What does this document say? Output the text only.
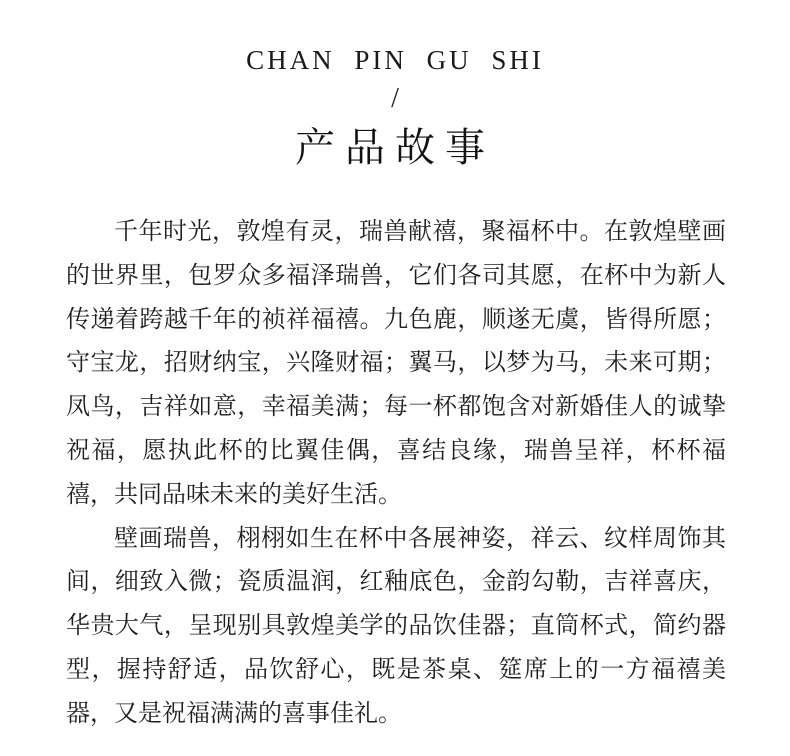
CHAN PIN GU SHI
/
产品故事

千年时光，敦煌有灵，瑞兽献禧，聚福杯中。在敦煌壁画的世界里，包罗众多福泽瑞兽，它们各司其愿，在杯中为新人传递着跨越千年的祯祥福禧。九色鹿，顺遂无虞，皆得所愿；守宝龙，招财纳宝，兴隆财福；翼马，以梦为马，未来可期；凤鸟，吉祥如意，幸福美满；每一杯都饱含对新婚佳人的诚挚祝福，愿执此杯的比翼佳偶，喜结良缘，瑞兽呈祥，杯杯福禧，共同品味未来的美好生活。

壁画瑞兽，栩栩如生在杯中各展神姿，祥云、纹样周饰其间，细致入微；瓷质温润，红釉底色，金韵勾勒，吉祥喜庆，华贵大气，呈现别具敦煌美学的品饮佳器；直筒杯式，简约器型，握持舒适，品饮舒心，既是茶桌、筵席上的一方福禧美器，又是祝福满满的喜事佳礼。
